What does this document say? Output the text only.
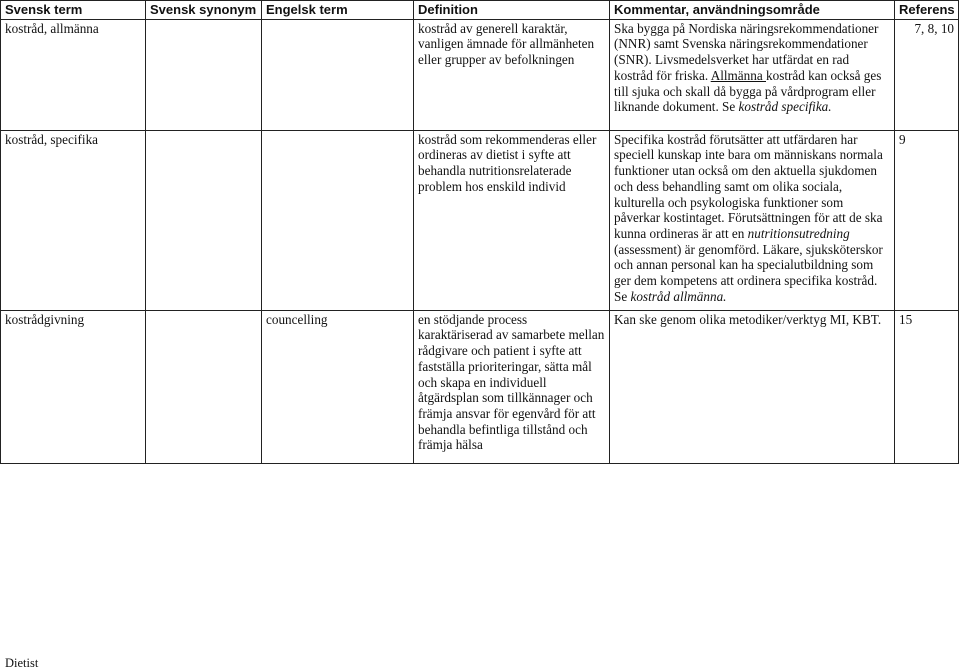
Svensk term	Svensk synonym	Engelsk term	Definition	Kommentar, användningsområde	Referens
kostråd, allmänna			kostråd av generell karaktär, vanligen ämnade för allmänheten eller grupper av befolkningen	Ska bygga på Nordiska näringsrekommendationer (NNR) samt Svenska näringsrekommendationer (SNR). Livsmedelsverket har utfärdat en rad kostråd för friska. Allmänna kostråd kan också ges till sjuka och skall då bygga på vårdprogram eller liknande dokument. Se kostråd specifika.	7, 8, 10
kostråd, specifika			kostråd som rekommenderas eller ordineras av dietist i syfte att behandla nutritionsrelaterade problem hos enskild individ	Specifika kostråd förutsätter att utfärdaren har speciell kunskap inte bara om människans normala funktioner utan också om den aktuella sjukdomen och dess behandling samt om olika sociala, kulturella och psykologiska funktioner som påverkar kostintaget. Förutsättningen för att de ska kunna ordineras är att en nutritionsutredning (assessment) är genomförd. Läkare, sjuksköterskor och annan personal kan ha specialutbildning som ger dem kompetens att ordinera specifika kostråd. Se kostråd allmänna.	9
kostrådgivning		councelling	en stödjande process karaktäriserad av samarbete mellan rådgivare och patient i syfte att fastställa prioriteringar, sätta mål och skapa en individuell åtgärdsplan som tillkännager och främja ansvar för egenvård för att behandla befintliga tillstånd och främja hälsa	Kan ske genom olika metodiker/verktyg MI, KBT.	15
Dietist
